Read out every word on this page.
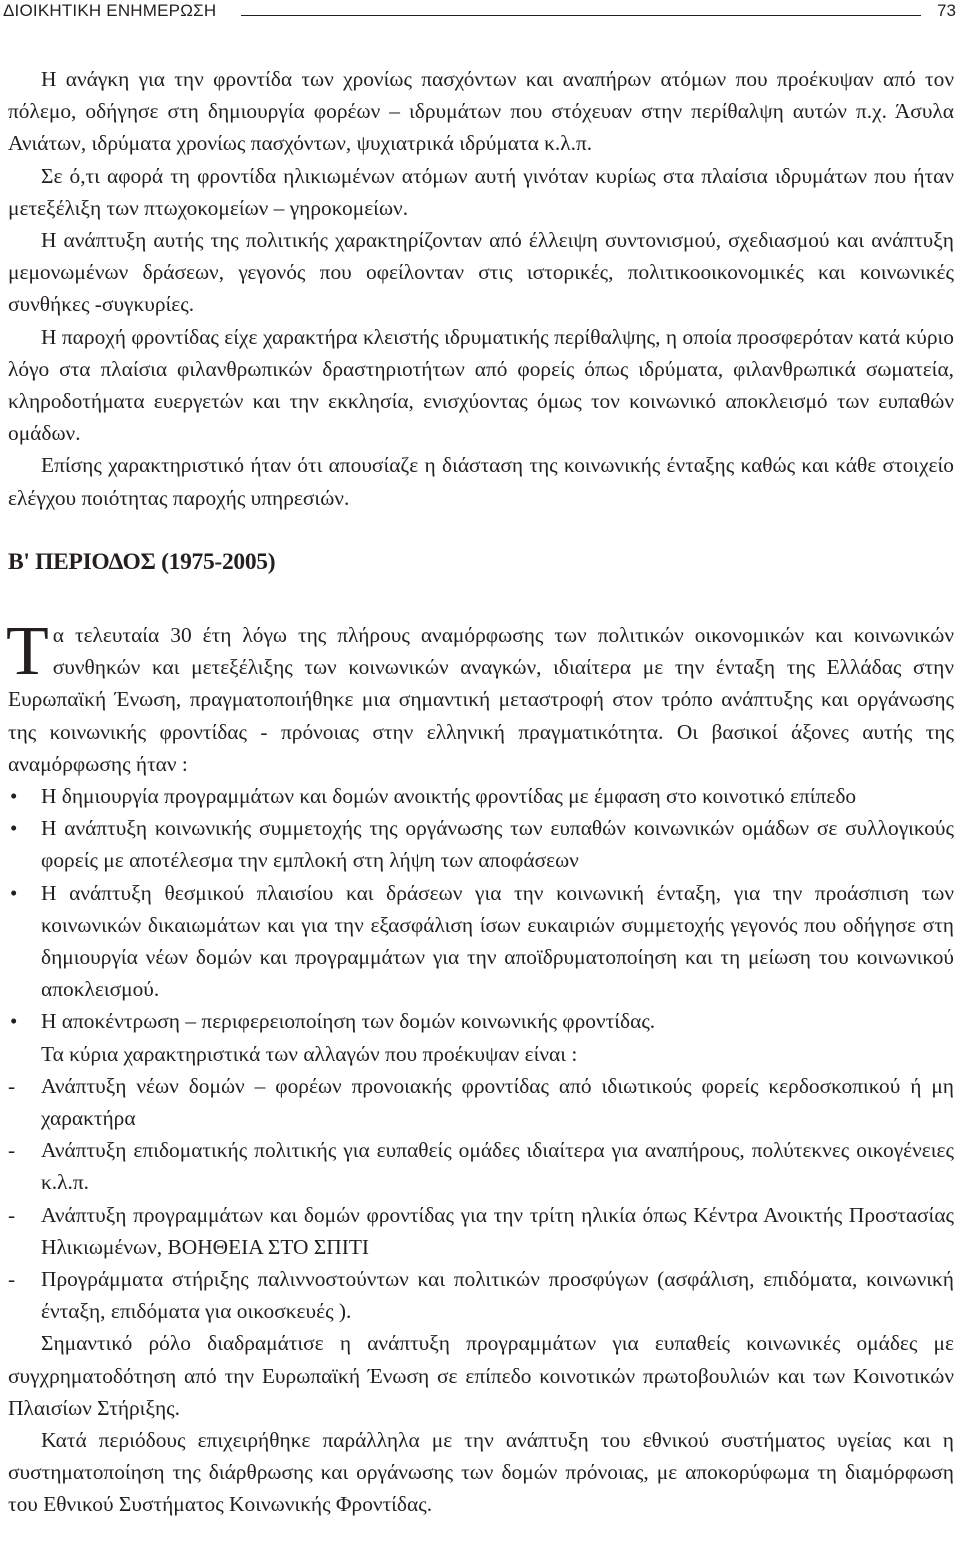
ΔΙΟΙΚΗΤΙΚΗ ΕΝΗΜΕΡΩΣΗ	73

Η ανάγκη για την φροντίδα των χρονίως πασχόντων και αναπήρων ατόμων που προέκυψαν από τον πόλεμο, οδήγησε στη δημιουργία φορέων – ιδρυμάτων που στόχευαν στην περίθαλψη αυτών π.χ. Άσυλα Ανιάτων, ιδρύματα χρονίως πασχόντων, ψυχιατρικά ιδρύματα κ.λ.π.

Σε ό,τι αφορά τη φροντίδα ηλικιωμένων ατόμων αυτή γινόταν κυρίως στα πλαίσια ιδρυμάτων που ήταν μετεξέλιξη των πτωχοκομείων – γηροκομείων.

Η ανάπτυξη αυτής της πολιτικής χαρακτηρίζονταν από έλλειψη συντονισμού, σχεδιασμού και ανάπτυξη μεμονωμένων δράσεων, γεγονός που οφείλονταν στις ιστορικές, πολιτικοοικονομικές και κοινωνικές συνθήκες -συγκυρίες.

Η παροχή φροντίδας είχε χαρακτήρα κλειστής ιδρυματικής περίθαλψης, η οποία προσφερόταν κατά κύριο λόγο στα πλαίσια φιλανθρωπικών δραστηριοτήτων από φορείς όπως ιδρύματα, φιλανθρωπικά σωματεία, κληροδοτήματα ευεργετών και την εκκλησία, ενισχύοντας όμως τον κοινωνικό αποκλεισμό των ευπαθών ομάδων.

Επίσης χαρακτηριστικό ήταν ότι απουσίαζε η διάσταση της κοινωνικής ένταξης καθώς και κάθε στοιχείο ελέγχου ποιότητας παροχής υπηρεσιών.

Β' ΠΕΡΙΟΔΟΣ (1975-2005)

Τα τελευταία 30 έτη λόγω της πλήρους αναμόρφωσης των πολιτικών οικονομικών και κοινωνικών συνθηκών και μετεξέλιξης των κοινωνικών αναγκών, ιδιαίτερα με την ένταξη της Ελλάδας στην Ευρωπαϊκή Ένωση, πραγματοποιήθηκε μια σημαντική μεταστροφή στον τρόπο ανάπτυξης και οργάνωσης της κοινωνικής φροντίδας - πρόνοιας στην ελληνική πραγματικότητα. Οι βασικοί άξονες αυτής της αναμόρφωσης ήταν :

• Η δημιουργία προγραμμάτων και δομών ανοικτής φροντίδας με έμφαση στο κοινοτικό επίπεδο
• Η ανάπτυξη κοινωνικής συμμετοχής της οργάνωσης των ευπαθών κοινωνικών ομάδων σε συλλογικούς φορείς με αποτέλεσμα την εμπλοκή στη λήψη των αποφάσεων
• Η ανάπτυξη θεσμικού πλαισίου και δράσεων για την κοινωνική ένταξη, για την προάσπιση των κοινωνικών δικαιωμάτων και για την εξασφάλιση ίσων ευκαιριών συμμετοχής γεγονός που οδήγησε στη δημιουργία νέων δομών και προγραμμάτων για την αποϊδρυματοποίηση και τη μείωση του κοινωνικού αποκλεισμού.
• Η αποκέντρωση – περιφερειοποίηση των δομών κοινωνικής φροντίδας.

Τα κύρια χαρακτηριστικά των αλλαγών που προέκυψαν είναι :

- Ανάπτυξη νέων δομών – φορέων προνοιακής φροντίδας από ιδιωτικούς φορείς κερδοσκοπικού ή μη χαρακτήρα
- Ανάπτυξη επιδοματικής πολιτικής για ευπαθείς ομάδες ιδιαίτερα για αναπήρους, πολύτεκνες οικογένειες κ.λ.π.
- Ανάπτυξη προγραμμάτων και δομών φροντίδας για την τρίτη ηλικία όπως Κέντρα Ανοικτής Προστασίας Ηλικιωμένων, ΒΟΗΘΕΙΑ ΣΤΟ ΣΠΙΤΙ
- Προγράμματα στήριξης παλιννοστούντων και πολιτικών προσφύγων (ασφάλιση, επιδόματα, κοινωνική ένταξη, επιδόματα για οικοσκευές ).

Σημαντικό ρόλο διαδραμάτισε η ανάπτυξη προγραμμάτων για ευπαθείς κοινωνικές ομάδες με συγχρηματοδότηση από την Ευρωπαϊκή Ένωση σε επίπεδο κοινοτικών πρωτοβουλιών και των Κοινοτικών Πλαισίων Στήριξης.

Κατά περιόδους επιχειρήθηκε παράλληλα με την ανάπτυξη του εθνικού συστήματος υγείας και η συστηματοποίηση της διάρθρωσης και οργάνωσης των δομών πρόνοιας, με αποκορύφωμα τη διαμόρφωση του Εθνικού Συστήματος Κοινωνικής Φροντίδας.
